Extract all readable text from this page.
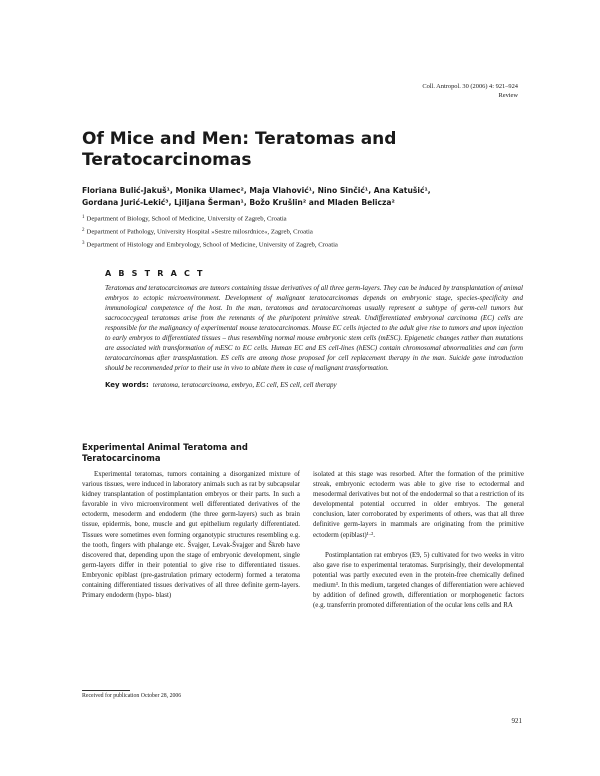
Coll. Antropol. 30 (2006) 4: 921–924
Review
Of Mice and Men: Teratomas and Teratocarcinomas
Floriana Bulić-Jakuš¹, Monika Ulamec², Maja Vlahović¹, Nino Sinčić¹, Ana Katušić¹,
Gordana Jurić-Lekić³, Ljiljana Šerman¹, Božo Krušlin² and Mladen Belicza²
$^1$ Department of Biology, School of Medicine, University of Zagreb, Croatia
$^2$ Department of Pathology, University Hospital »Sestre milosrdnice«, Zagreb, Croatia
$^3$ Department of Histology and Embryology, School of Medicine, University of Zagreb, Croatia
A B S T R A C T
Teratomas and teratocarcinomas are tumors containing tissue derivatives of all three germ-layers. They can be induced by transplantation of animal embryos to ectopic microenvironment. Development of malignant teratocarcinomas depends on embryonic stage, species-specificity and immunological competence of the host. In the man, teratomas and teratocarcinomas usually represent a subtype of germ-cell tumors but sacrococcygeal teratomas arise from the remnants of the pluripotent primitive streak. Undifferentiated embryonal carcinoma (EC) cells are responsible for the malignancy of experimental mouse teratocarcinomas. Mouse EC cells injected to the adult give rise to tumors and upon injection to early embryos to differentiated tissues – thus resembling normal mouse embryonic stem cells (mESC). Epigenetic changes rather than mutations are associated with transformation of mESC to EC cells. Human EC and ES cell-lines (hESC) contain chromosomal abnormalities and can form teratocarcinomas after transplantation. ES cells are among those proposed for cell replacement therapy in the man. Suicide gene introduction should be recommended prior to their use in vivo to ablate them in case of malignant transformation.
Key words: teratoma, teratocarcinoma, embryo, EC cell, ES cell, cell therapy
Experimental Animal Teratoma and Teratocarcinoma

Experimental teratomas, tumors containing a disorganized mixture of various tissues, were induced in laboratory animals such as rat by subcapsular kidney transplantation of postimplantation embryos or their parts. In such a favorable in vivo microenvironment well differentiated derivatives of the ectoderm, mesoderm and endoderm (the three germ-layers) such as brain tissue, epidermis, bone, muscle and gut epithelium regularly differentiated. Tissues were sometimes even forming organotypic structures resembling e.g. the tooth, fingers with phalange etc. Švajger, Levak-Švajger and Škreb have discovered that, depending upon the stage of embryonic development, single germ-layers differ in their potential to give rise to differentiated tissues. Embryonic epiblast (pre-gastrulation primary ectoderm) formed a teratoma containing differentiated tissues derivatives of all three definite germ-layers. Primary endoderm (hypo- blast)

isolated at this stage was resorbed. After the formation of the primitive streak, embryonic ectoderm was able to give rise to ectodermal and mesodermal derivatives but not of the endodermal so that a restriction of its developmental potential occurred in older embryos. The general conclusion, later corroborated by experiments of others, was that all three definitive germ-layers in mammals are originating from the primitive ectoderm (epiblast)¹·².

Postimplantation rat embryos (E9, 5) cultivated for two weeks in vitro also gave rise to experimental teratomas. Surprisingly, their developmental potential was partly executed even in the protein-free chemically defined medium³. In this medium, targeted changes of differentiation were achieved by addition of defined growth, differentiation or morphogenetic factors (e.g. transferrin promoted differentiation of the ocular lens cells and RA

Received for publication October 28, 2006
921
